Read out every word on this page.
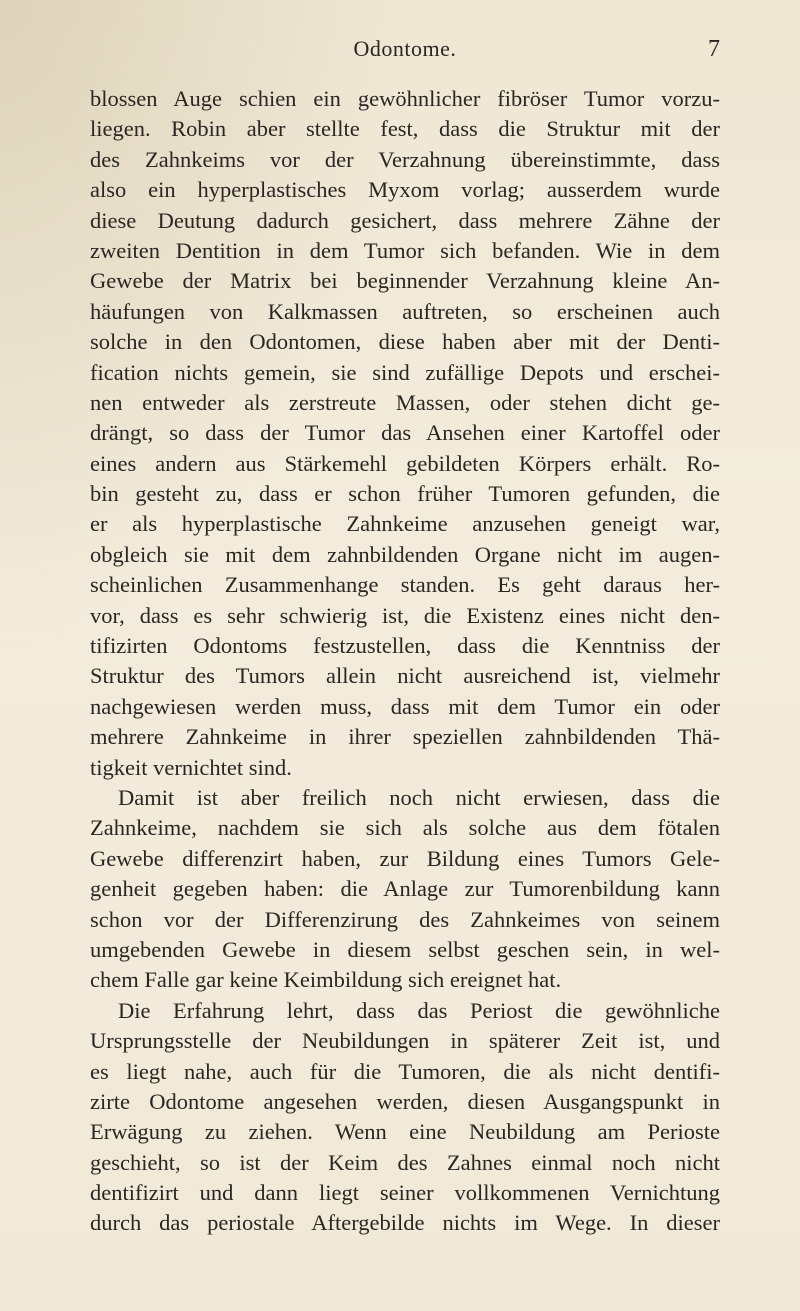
Odontome.	7
blossen Auge schien ein gewöhnlicher fibröser Tumor vorzu-
liegen. Robin aber stellte fest, dass die Struktur mit der
des Zahnkeims vor der Verzahnung übereinstimmte, dass
also ein hyperplastisches Myxom vorlag; ausserdem wurde
diese Deutung dadurch gesichert, dass mehrere Zähne der
zweiten Dentition in dem Tumor sich befanden. Wie in dem
Gewebe der Matrix bei beginnender Verzahnung kleine An-
häufungen von Kalkmassen auftreten, so erscheinen auch
solche in den Odontomen, diese haben aber mit der Denti-
fication nichts gemein, sie sind zufällige Depots und erschei-
nen entweder als zerstreute Massen, oder stehen dicht ge-
drängt, so dass der Tumor das Ansehen einer Kartoffel oder
eines andern aus Stärkemehl gebildeten Körpers erhält. Ro-
bin gesteht zu, dass er schon früher Tumoren gefunden, die
er als hyperplastische Zahnkeime anzusehen geneigt war,
obgleich sie mit dem zahnbildenden Organe nicht im augen-
scheinlichen Zusammenhange standen. Es geht daraus her-
vor, dass es sehr schwierig ist, die Existenz eines nicht den-
tifizirten Odontoms festzustellen, dass die Kenntniss der
Struktur des Tumors allein nicht ausreichend ist, vielmehr
nachgewiesen werden muss, dass mit dem Tumor ein oder
mehrere Zahnkeime in ihrer speziellen zahnbildenden Thä-
tigkeit vernichtet sind.
Damit ist aber freilich noch nicht erwiesen, dass die
Zahnkeime, nachdem sie sich als solche aus dem fötalen
Gewebe differenzirt haben, zur Bildung eines Tumors Gele-
genheit gegeben haben: die Anlage zur Tumorenbildung kann
schon vor der Differenzirung des Zahnkeimes von seinem
umgebenden Gewebe in diesem selbst geschen sein, in wel-
chem Falle gar keine Keimbildung sich ereignet hat.
Die Erfahrung lehrt, dass das Periost die gewöhnliche
Ursprungsstelle der Neubildungen in späterer Zeit ist, und
es liegt nahe, auch für die Tumoren, die als nicht dentifi-
zirte Odontome angesehen werden, diesen Ausgangspunkt in
Erwägung zu ziehen. Wenn eine Neubildung am Perioste
geschieht, so ist der Keim des Zahnes einmal noch nicht
dentifizirt und dann liegt seiner vollkommenen Vernichtung
durch das periostale Aftergebilde nichts im Wege. In dieser
